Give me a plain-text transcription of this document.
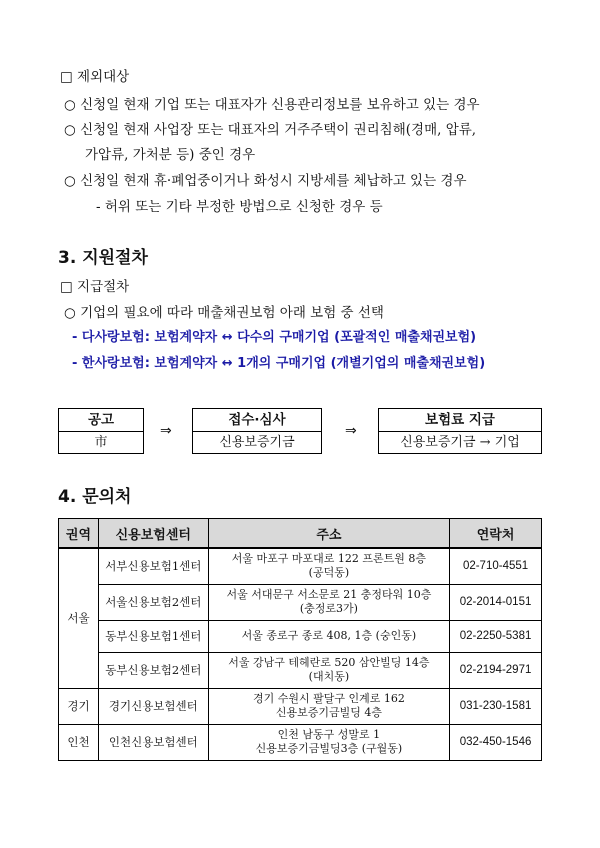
□ 제외대상
○ 신청일 현재 기업 또는 대표자가 신용관리정보를 보유하고 있는 경우
○ 신청일 현재 사업장 또는 대표자의 거주주택이 권리침해(경매, 압류,
가압류, 가처분 등) 중인 경우
○ 신청일 현재 휴·폐업중이거나 화성시 지방세를 체납하고 있는 경우
- 허위 또는 기타 부정한 방법으로 신청한 경우 등
3. 지원절차
□ 지급절차
○ 기업의 필요에 따라 매출채권보험 아래 보험 중 선택
- 다사랑보험: 보험계약자 ↔ 다수의 구매기업 (포괄적인 매출채권보험)
- 한사랑보험: 보험계약자 ↔ 1개의 구매기업 (개별기업의 매출채권보험)
공고
市
⇒
접수·심사
신용보증기금
⇒
보험료 지급
신용보증기금 → 기업
4. 문의처
권역	신용보험센터	주소	연락처
서울	서부신용보험1센터	서울 마포구 마포대로 122 프론트원 8층
(공덕동)	02-710-4551
	서울신용보험2센터	서울 서대문구 서소문로 21 충정타워 10층
(충정로3가)	02-2014-0151
	동부신용보험1센터	서울 종로구 종로 408, 1층 (숭인동)	02-2250-5381
	동부신용보험2센터	서울 강남구 테헤란로 520 삼안빌딩 14층
(대치동)	02-2194-2971
경기	경기신용보험센터	경기 수원시 팔달구 인계로 162
신용보증기금빌딩 4층	031-230-1581
인천	인천신용보험센터	인천 남동구 성말로 1
신용보증기금빌딩3층 (구월동)	032-450-1546
